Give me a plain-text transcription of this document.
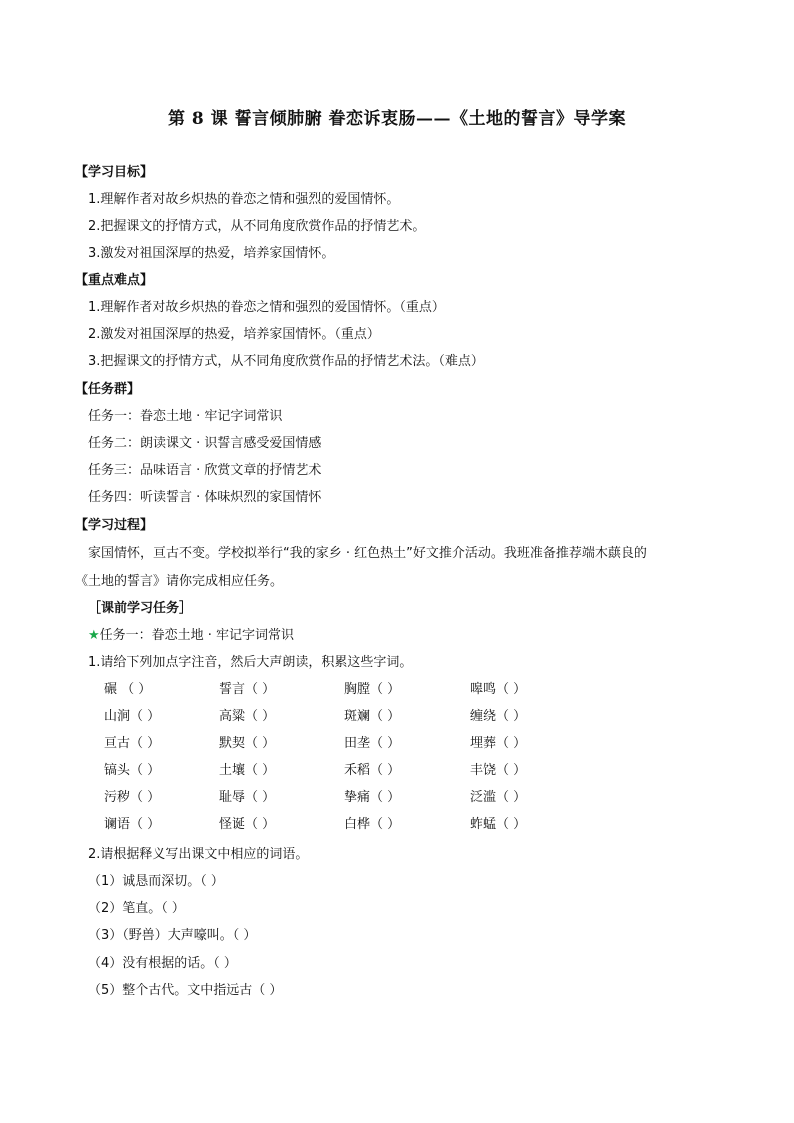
第 8 课 誓言倾肺腑 眷恋诉衷肠——《土地的誓言》导学案
【学习目标】
1.理解作者对故乡炽热的眷恋之情和强烈的爱国情怀。
2.把握课文的抒情方式，从不同角度欣赏作品的抒情艺术。
3.激发对祖国深厚的热爱，培养家国情怀。
【重点难点】
1.理解作者对故乡炽热的眷恋之情和强烈的爱国情怀。（重点）
2.激发对祖国深厚的热爱，培养家国情怀。（重点）
3.把握课文的抒情方式，从不同角度欣赏作品的抒情艺术法。（难点）
【任务群】
任务一：眷恋土地 · 牢记字词常识
任务二：朗读课文 · 识誓言感受爱国情感
任务三：品味语言 · 欣赏文章的抒情艺术
任务四：听读誓言 · 体味炽烈的家国情怀
【学习过程】
家国情怀，亘古不变。学校拟举行“我的家乡 · 红色热土”好文推介活动。我班准备推荐端木蕻良的
《土地的誓言》请你完成相应任务。
［课前学习任务］
★任务一：眷恋土地 · 牢记字词常识
1.请给下列加点字注音，然后大声朗读，积累这些字词。
碾 （ ）	誓言（ ）	胸膛（ ）	嗥鸣（ ）
山涧（ ）	高粱（ ）	斑斓（ ）	缠绕（ ）
亘古（ ）	默契（ ）	田垄（ ）	埋葬（ ）
镐头（ ）	土壤（ ）	禾稻（ ）	丰饶（ ）
污秽（ ）	耻辱（ ）	挚痛（ ）	泛滥（ ）
谰语（ ）	怪诞（ ）	白桦（ ）	蚱蜢（ ）
2.请根据释义写出课文中相应的词语。
（1）诚恳而深切。（ ）
（2）笔直。（ ）
（3）（野兽）大声嚎叫。（ ）
（4）没有根据的话。（ ）
（5）整个古代。文中指远古（ ）
